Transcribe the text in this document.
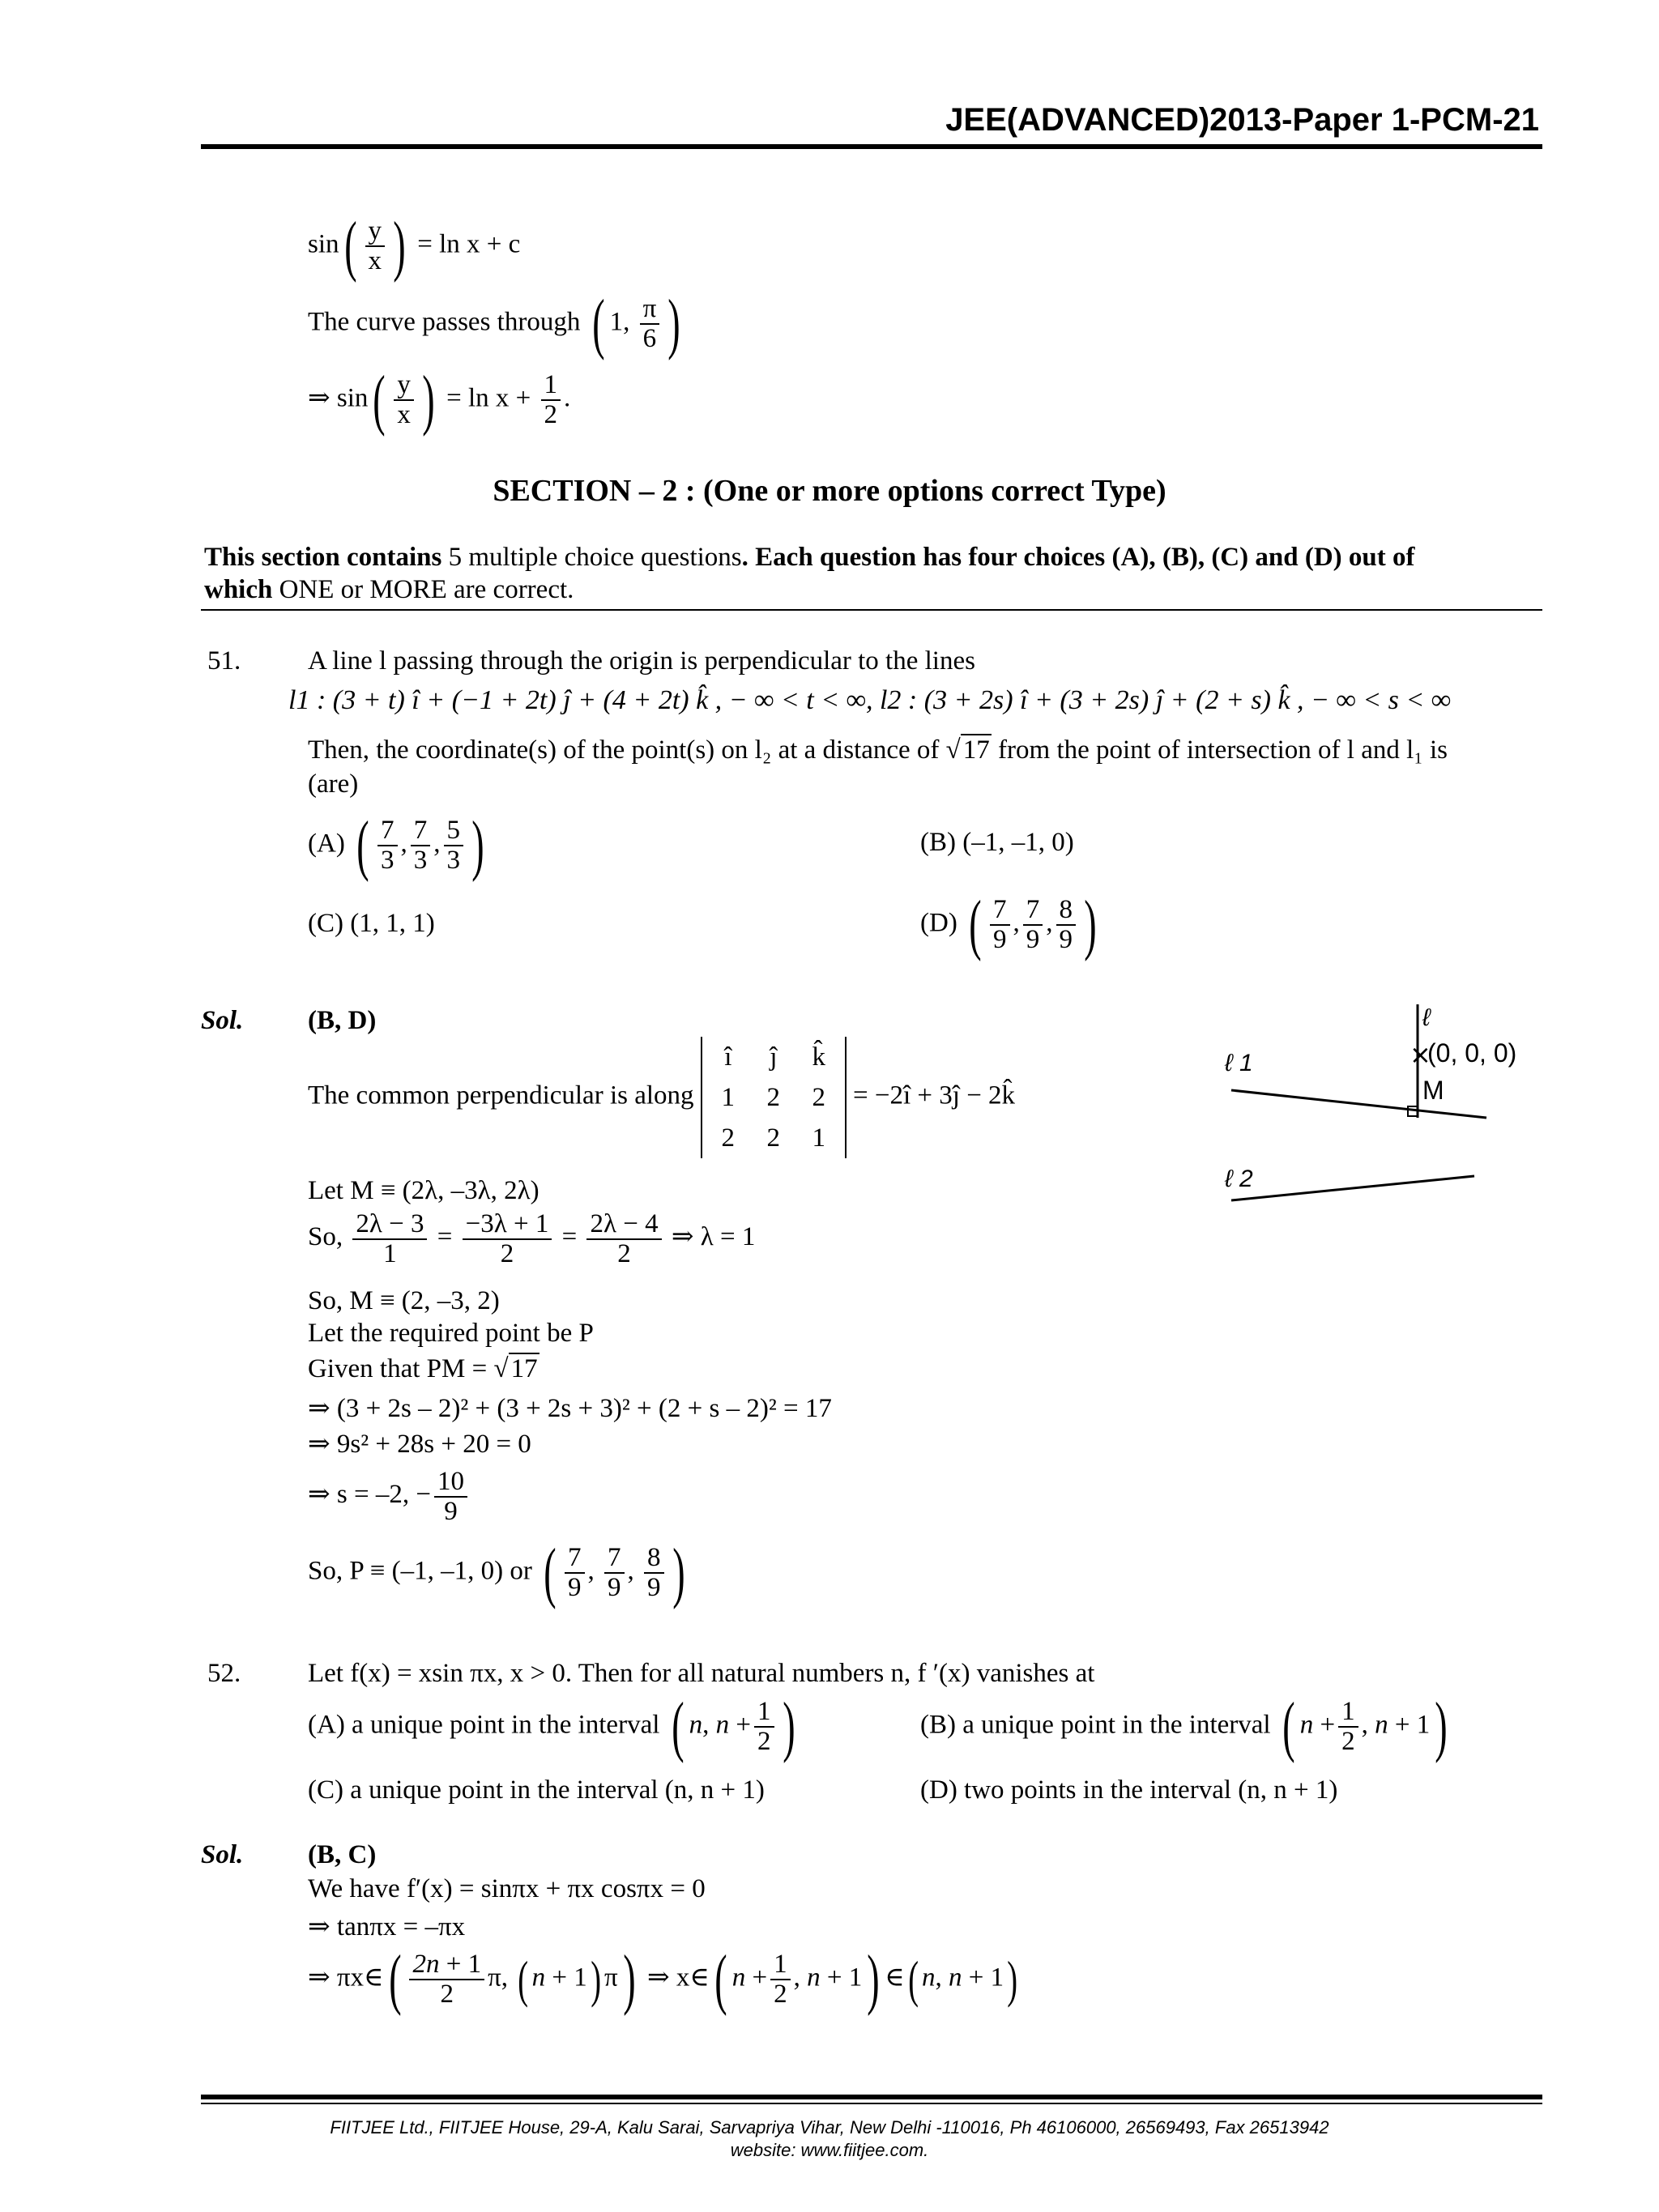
JEE(ADVANCED)2013-Paper 1-PCM-21
$\sin( \frac{y}{x}$ ) = ln x + c
The curve passes through ( 1, $\frac{\pi}{6}$ )
⇒ $\sin( \frac{y}{x}$ ) = $\ln x + \frac{1}{2}$ .
SECTION – 2 : (One or more options correct Type)
This section contains 5 multiple choice questions. Each question has four choices (A), (B), (C) and (D) out of
which ONE or MORE are correct.
51.	A line l passing through the origin is perpendicular to the lines
l1 : (3 + t) î + (−1 + 2t) ĵ + (4 + 2t) k̂ , − ∞ < t < ∞, l2 : (3 + 2s) î + (3 + 2s) ĵ + (2 + s) k̂ , − ∞ < s < ∞
Then, the coordinate(s) of the point(s) on l₂ at a distance of √17 from the point of intersection of l and l₁ is
(are)
(A) ( $\frac{7}{3}$ , $\frac{7}{3}$ , $\frac{5}{3}$ )	(B) (–1, –1, 0)
(C) (1, 1, 1)	(D) ( $\frac{7}{9}$ , $\frac{7}{9}$ , $\frac{8}{9}$ )
Sol. (B, D)
The common perpendicular is along
î	ĵ	k̂
1	2	2
2	2	1
= −2î + 3ĵ − 2k̂
Let M ≡ (2λ, –3λ, 2λ)
So, $\frac{2\lambda - 3}{1} = \frac{-3\lambda + 1}{2} = \frac{2\lambda - 4}{2}$ ⇒ λ = 1
So, M ≡ (2, –3, 2)
Let the required point be P
Given that PM = √17
⇒ (3 + 2s – 2)² + (3 + 2s + 3)² + (2 + s – 2)² = 17
⇒ 9s² + 28s + 20 = 0
⇒ s = –2, − $\frac{10}{9}$
So, P ≡ (–1, –1, 0) or ( $\frac{7}{9}$ , $\frac{7}{9}$ , $\frac{8}{9}$ )
×
ℓ
ℓ 1	(0, 0, 0)
M
ℓ 2
52.	Let f(x) = xsin πx, x > 0. Then for all natural numbers n, f ′(x) vanishes at
(A) a unique point in the interval ( n, $n + \frac{1}{2}$ )	(B) a unique point in the interval ( $n + \frac{1}{2}$ , n + 1)
(C) a unique point in the interval (n, n + 1)	(D) two points in the interval (n, n + 1)
Sol. (B, C)
We have f′(x) = sinπx + πx cosπx = 0
⇒ tanπx = –πx
⇒ πx∈( $\frac{2n + 1}{2} \pi$, ( n + 1) π) ⇒ x∈( $n + \frac{1}{2}$ , n + 1) ∈( n, n + 1)
FIITJEE Ltd., FIITJEE House, 29-A, Kalu Sarai, Sarvapriya Vihar, New Delhi -110016, Ph 46106000, 26569493, Fax 26513942
website: www.fiitjee.com.
